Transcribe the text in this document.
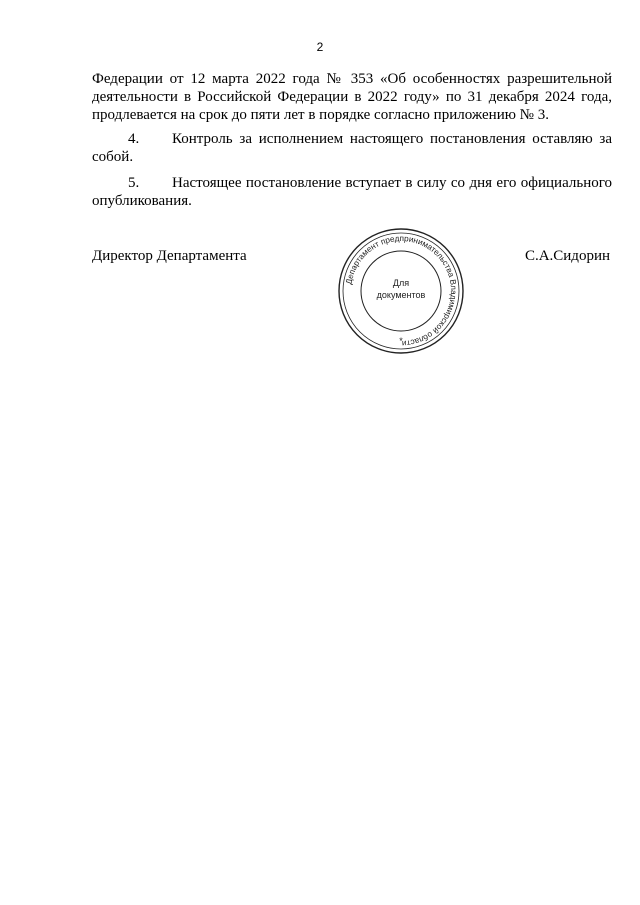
2

Федерации от 12 марта 2022 года № 353 «Об особенностях разрешительной деятельности в Российской Федерации в 2022 году» по 31 декабря 2024 года, продлевается на срок до пяти лет в порядке согласно приложению № 3.

4. Контроль за исполнением настоящего постановления оставляю за собой.

5. Настоящее постановление вступает в силу со дня его официального опубликования.

Директор Департамента
Департамент предпринимательства Владимирской области
Для
документов
*
С.А.Сидорин
